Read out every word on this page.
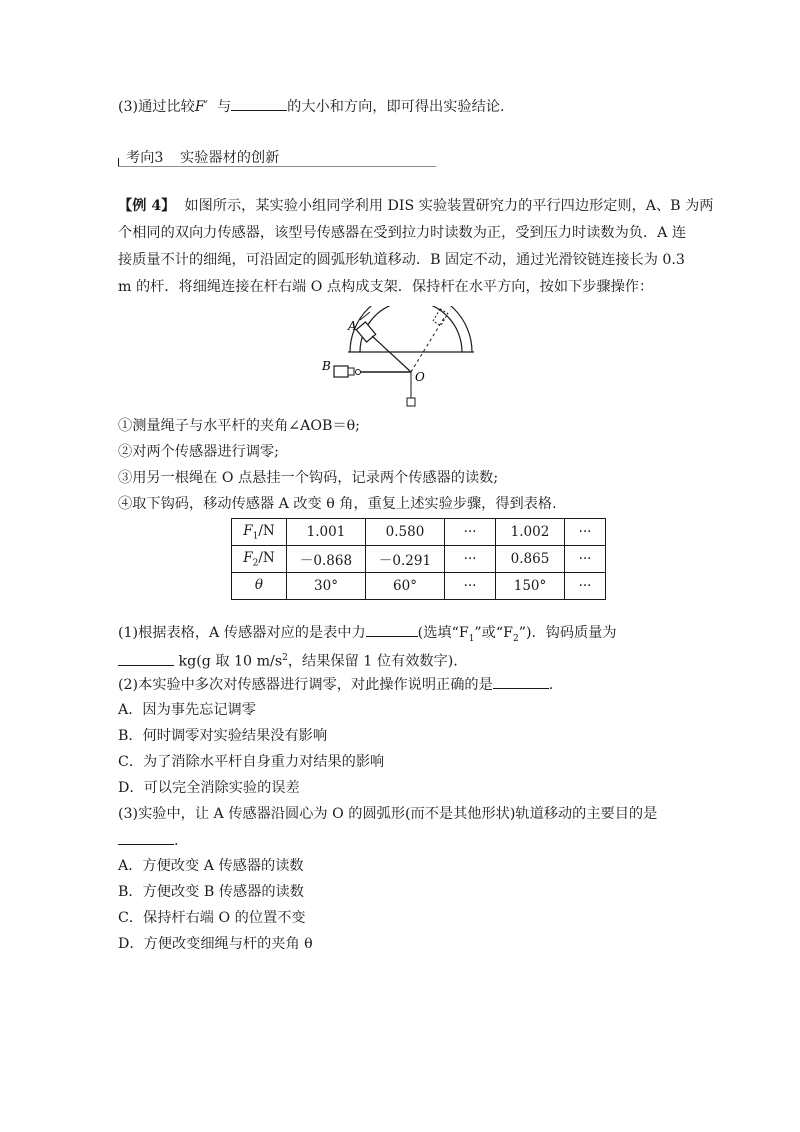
(3)通过比较F′ 与	的大小和方向，即可得出实验结论．
考向3 实验器材的创新
【例 4】 如图所示，某实验小组同学利用 DIS 实验装置研究力的平行四边形定则，A、B 为两
个相同的双向力传感器，该型号传感器在受到拉力时读数为正，受到压力时读数为负．A 连
接质量不计的细绳，可沿固定的圆弧形轨道移动．B 固定不动，通过光滑铰链连接长为 0.3
m 的杆．将细绳连接在杆右端 O 点构成支架．保持杆在水平方向，按如下步骤操作：
A
B
O
①测量绳子与水平杆的夹角∠AOB＝θ;
②对两个传感器进行调零;
③用另一根绳在 O 点悬挂一个钩码，记录两个传感器的读数;
④取下钩码，移动传感器 A 改变 θ 角，重复上述实验步骤，得到表格.
$F_1/N$	1.001	0.580	···	1.002	···
$F_2/N$	－0.868	－0.291	···	0.865	···
θ	30°	60°	···	150°	···
(1)根据表格，A 传感器对应的是表中力	(选填“$F_1$”或“$F_2$”)．钩码质量为
kg(g 取 10 $m/s^2$，结果保留 1 位有效数字).
(2)本实验中多次对传感器进行调零，对此操作说明正确的是	.
A．因为事先忘记调零
B．何时调零对实验结果没有影响
C．为了消除水平杆自身重力对结果的影响
D．可以完全消除实验的误差
(3)实验中，让 A 传感器沿圆心为 O 的圆弧形(而不是其他形状)轨道移动的主要目的是
.
A．方便改变 A 传感器的读数
B．方便改变 B 传感器的读数
C．保持杆右端 O 的位置不变
D．方便改变细绳与杆的夹角 θ
